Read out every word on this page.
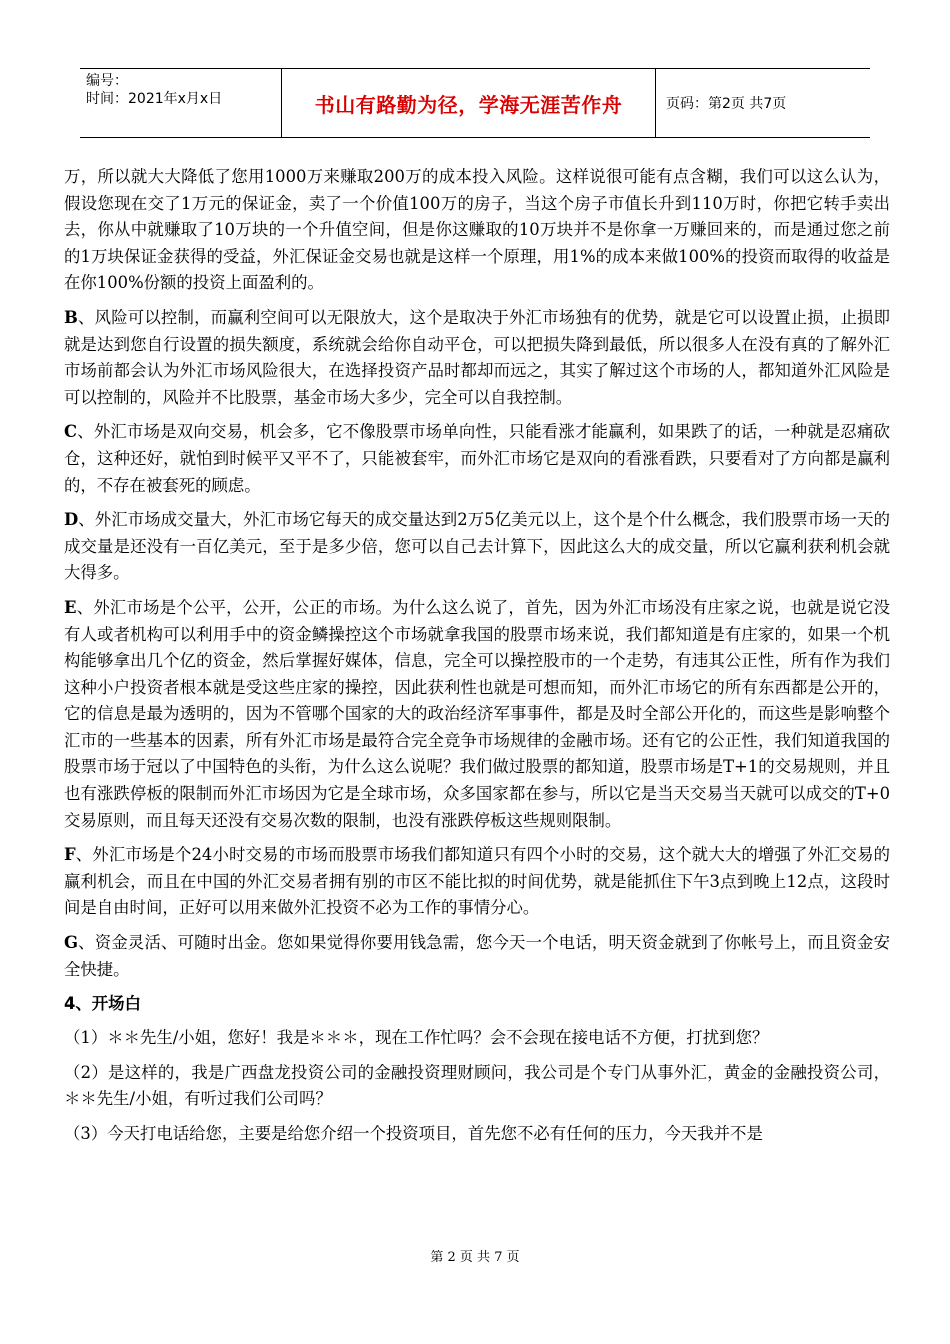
编号：
时间：2021年x月x日	书山有路勤为径，学海无涯苦作舟	页码：第2页 共7页

万，所以就大大降低了您用1000万来赚取200万的成本投入风险。这样说很可能有点含糊，我们可以这么认为，假设您现在交了1万元的保证金，卖了一个价值100万的房子，当这个房子市值长升到110万时，你把它转手卖出去，你从中就赚取了10万块的一个升值空间，但是你这赚取的10万块并不是你拿一万赚回来的，而是通过您之前的1万块保证金获得的受益，外汇保证金交易也就是这样一个原理，用1%的成本来做100%的投资而取得的收益是在你100%份额的投资上面盈利的。

B、风险可以控制，而赢利空间可以无限放大，这个是取决于外汇市场独有的优势，就是它可以设置止损，止损即就是达到您自行设置的损失额度，系统就会给你自动平仓，可以把损失降到最低，所以很多人在没有真的了解外汇市场前都会认为外汇市场风险很大，在选择投资产品时都却而远之，其实了解过这个市场的人，都知道外汇风险是可以控制的，风险并不比股票，基金市场大多少，完全可以自我控制。

C、外汇市场是双向交易，机会多，它不像股票市场单向性，只能看涨才能赢利，如果跌了的话，一种就是忍痛砍仓，这种还好，就怕到时候平又平不了，只能被套牢，而外汇市场它是双向的看涨看跌，只要看对了方向都是赢利的，不存在被套死的顾虑。

D、外汇市场成交量大，外汇市场它每天的成交量达到2万5亿美元以上，这个是个什么概念，我们股票市场一天的成交量是还没有一百亿美元，至于是多少倍，您可以自己去计算下，因此这么大的成交量，所以它赢利获利机会就大得多。

E、外汇市场是个公平，公开，公正的市场。为什么这么说了，首先，因为外汇市场没有庄家之说，也就是说它没有人或者机构可以利用手中的资金鳞操控这个市场就拿我国的股票市场来说，我们都知道是有庄家的，如果一个机构能够拿出几个亿的资金，然后掌握好媒体，信息，完全可以操控股市的一个走势，有违其公正性，所有作为我们这种小户投资者根本就是受这些庄家的操控，因此获利性也就是可想而知，而外汇市场它的所有东西都是公开的，它的信息是最为透明的，因为不管哪个国家的大的政治经济军事事件，都是及时全部公开化的，而这些是影响整个汇市的一些基本的因素，所有外汇市场是最符合完全竞争市场规律的金融市场。还有它的公正性，我们知道我国的股票市场于冠以了中国特色的头衔，为什么这么说呢？我们做过股票的都知道，股票市场是T+1的交易规则，并且也有涨跌停板的限制而外汇市场因为它是全球市场，众多国家都在参与，所以它是当天交易当天就可以成交的T+0交易原则，而且每天还没有交易次数的限制，也没有涨跌停板这些规则限制。

F、外汇市场是个24小时交易的市场而股票市场我们都知道只有四个小时的交易，这个就大大的增强了外汇交易的赢利机会，而且在中国的外汇交易者拥有别的市区不能比拟的时间优势，就是能抓住下午3点到晚上12点，这段时间是自由时间，正好可以用来做外汇投资不必为工作的事情分心。

G、资金灵活、可随时出金。您如果觉得你要用钱急需，您今天一个电话，明天资金就到了你帐号上，而且资金安全快捷。

4、开场白

（1）＊＊先生/小姐，您好！我是＊＊＊，现在工作忙吗？会不会现在接电话不方便，打扰到您？

（2）是这样的，我是广西盘龙投资公司的金融投资理财顾问，我公司是个专门从事外汇，黄金的金融投资公司，＊＊先生/小姐，有听过我们公司吗？

（3）今天打电话给您，主要是给您介绍一个投资项目，首先您不必有任何的压力，今天我并不是

第 2 页 共 7 页
